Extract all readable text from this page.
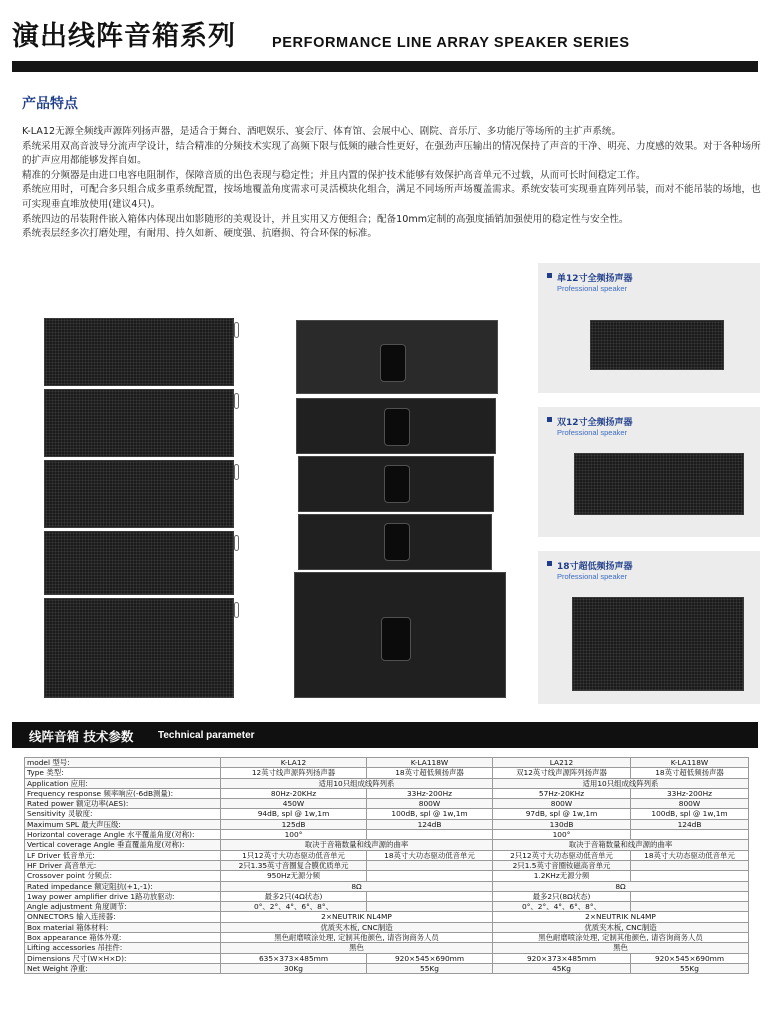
演出线阵音箱系列 PERFORMANCE LINE ARRAY SPEAKER SERIES
产品特点

K-LA12无源全频线声源阵列扬声器，是适合于舞台、酒吧娱乐、宴会厅、体育馆、会展中心、剧院、音乐厅、多功能厅等场所的主扩声系统。

系统采用双高音波导分流声学设计，结合精准的分频技术实现了高频下限与低频的融合性更好，在强劲声压输出的情况保持了声音的干净、明亮、力度感的效果。对于各种场所的扩声应用都能够发挥自如。

精准的分频器是由进口电容电阻制作，保障音质的出色表现与稳定性；并且内置的保护技术能够有效保护高音单元不过载，从而可长时间稳定工作。

系统应用时，可配合多只组合成多重系统配置，按场地覆盖角度需求可灵活模块化组合，满足不同场所声场覆盖需求。系统安装可实现垂直阵列吊装，而对不能吊装的场地，也可实现垂直堆放使用(建议4只)。

系统四边的吊装附件嵌入箱体内体现出如影随形的美观设计，并且实用又方便组合；配备10mm定制的高强度插销加强使用的稳定性与安全性。

系统表层经多次打磨处理，有耐用、持久如新、硬度强、抗磨损、符合环保的标准。

单12寸全频扬声器
Professional speaker
双12寸全频扬声器
Professional speaker
18寸超低频扬声器
Professional speaker
线阵音箱 技术参数 Technical parameter
model 型号:	K-LA12	K-LA118W	LA212	K-LA118W
Type 类型:	12英寸线声源阵列扬声器	18英寸超低频扬声器	双12英寸线声源阵列扬声器	18英寸超低频扬声器
Application 应用:	适用10只组成线阵列系		适用10只组成线阵列系	
Frequency response 频率响应(-6dB测量):	80Hz-20KHz	33Hz-200Hz	57Hz-20KHz	33Hz-200Hz
Rated power 额定功率(AES):	450W	800W	800W	800W
Sensitivity 灵敏度:	94dB, spl @ 1w,1m	100dB, spl @ 1w,1m	97dB, spl @ 1w,1m	100dB, spl @ 1w,1m
Maximum SPL 最大声压级:	125dB	124dB	130dB	124dB
Horizontal coverage Angle 水平覆盖角度(对称):	100°		100°	
Vertical coverage Angle 垂直覆盖角度(对称):	取决于音箱数量和线声源的曲率		取决于音箱数量和线声源的曲率	
LF Driver 低音单元:	1只12英寸大功态驱动低音单元	18英寸大功态驱动低音单元	2只12英寸大功态驱动低音单元	18英寸大功态驱动低音单元
HF Driver 高音单元:	2只1.35英寸音圈复合膜优质单元		2只1.5英寸音圈钕磁高音单元	
Crossover point 分频点:	950Hz无源分频		1.2KHz无源分频	
Rated impedance 额定阻抗(+1,-1):	8Ω		8Ω	
1way power amplifier drive 1路功放驱动:	最多2只(4Ω状态)		最多2只(8Ω状态)	
Angle adjustment 角度调节:	0°、2°、4°、6°、8°、		0°、2°、4°、6°、8°、	
ONNECTORS 输入连接器:	2×NEUTRIK NL4MP		2×NEUTRIK NL4MP	
Box material 箱体材料:	优质夹木板, CNC制造		优质夹木板, CNC制造	
Box appearance 箱体外观:	黑色耐磨喷涂处理, 定制其他颜色, 请咨询商务人员		黑色耐磨喷涂处理, 定制其他颜色, 请咨询商务人员	
Lifting accessories 吊挂件:	黑色		黑色	
Dimensions 尺寸(W×H×D):	635×373×485mm	920×545×690mm	920×373×485mm	920×545×690mm
Net Weight 净重:	30Kg	55Kg	45Kg	55Kg
